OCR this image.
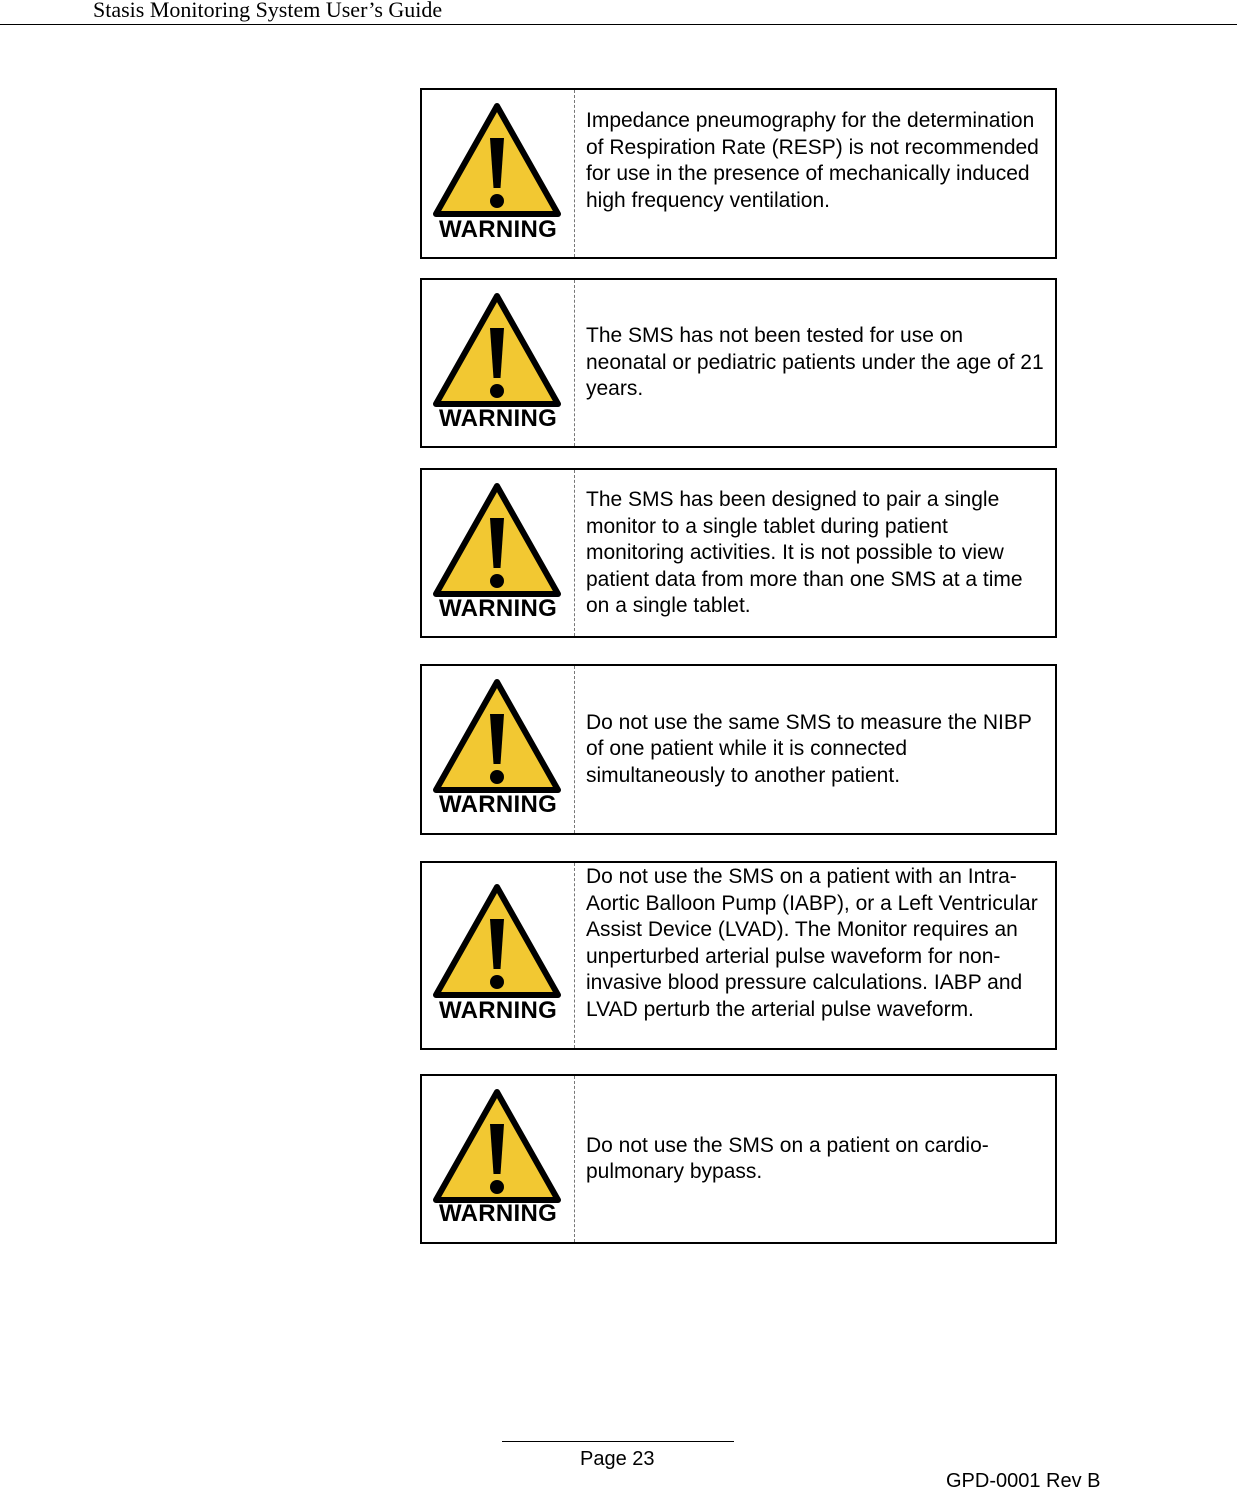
Stasis Monitoring System User’s Guide
WARNING
Impedance pneumography for the determination of Respiration Rate (RESP) is not recommended for use in the presence of mechanically induced high frequency ventilation.
WARNING
The SMS has not been tested for use on neonatal or pediatric patients under the age of 21 years.
WARNING
The SMS has been designed to pair a single monitor to a single tablet during patient monitoring activities. It is not possible to view patient data from more than one SMS at a time on a single tablet.
WARNING
Do not use the same SMS to measure the NIBP of one patient while it is connected simultaneously to another patient.
WARNING
Do not use the SMS on a patient with an Intra-Aortic Balloon Pump (IABP), or a Left Ventricular Assist Device (LVAD). The Monitor requires an unperturbed arterial pulse waveform for non-invasive blood pressure calculations. IABP and LVAD perturb the arterial pulse waveform.
WARNING
Do not use the SMS on a patient on cardio-pulmonary bypass.
Page 23
GPD-0001 Rev B
